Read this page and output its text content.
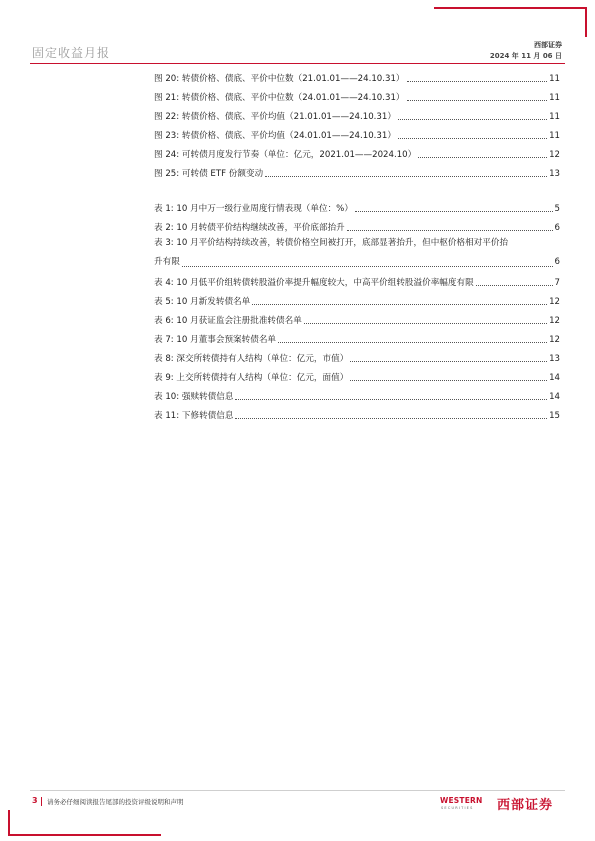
固定收益月报
西部证券
2024 年 11 月 06 日
图 20: 转债价格、债底、平价中位数（21.01.01——24.10.31）	11
图 21: 转债价格、债底、平价中位数（24.01.01——24.10.31）	11
图 22: 转债价格、债底、平价均值（21.01.01——24.10.31）	11
图 23: 转债价格、债底、平价均值（24.01.01——24.10.31）	11
图 24: 可转债月度发行节奏（单位：亿元，2021.01——2024.10）	12
图 25: 可转债 ETF 份额变动	13
表 1: 10 月中万一级行业周度行情表现（单位：%）	5
表 2: 10 月转债平价结构继续改善，平价底部抬升	6
表 3: 10 月平价结构持续改善，转债价格空间被打开，底部显著抬升，但中枢价格相对平价抬
升有限	6
表 4: 10 月低平价组转债转股溢价率提升幅度较大，中高平价组转股溢价率幅度有限	7
表 5: 10 月新发转债名单	12
表 6: 10 月获证监会注册批准转债名单	12
表 7: 10 月董事会预案转债名单	12
表 8: 深交所转债持有人结构（单位：亿元，市值）	13
表 9: 上交所转债持有人结构（单位：亿元，面值）	14
表 10: 强赎转债信息	14
表 11: 下修转债信息	15
3 请务必仔细阅读报告尾部的投资评级说明和声明	WESTERN
SECURITIES 西部证券
